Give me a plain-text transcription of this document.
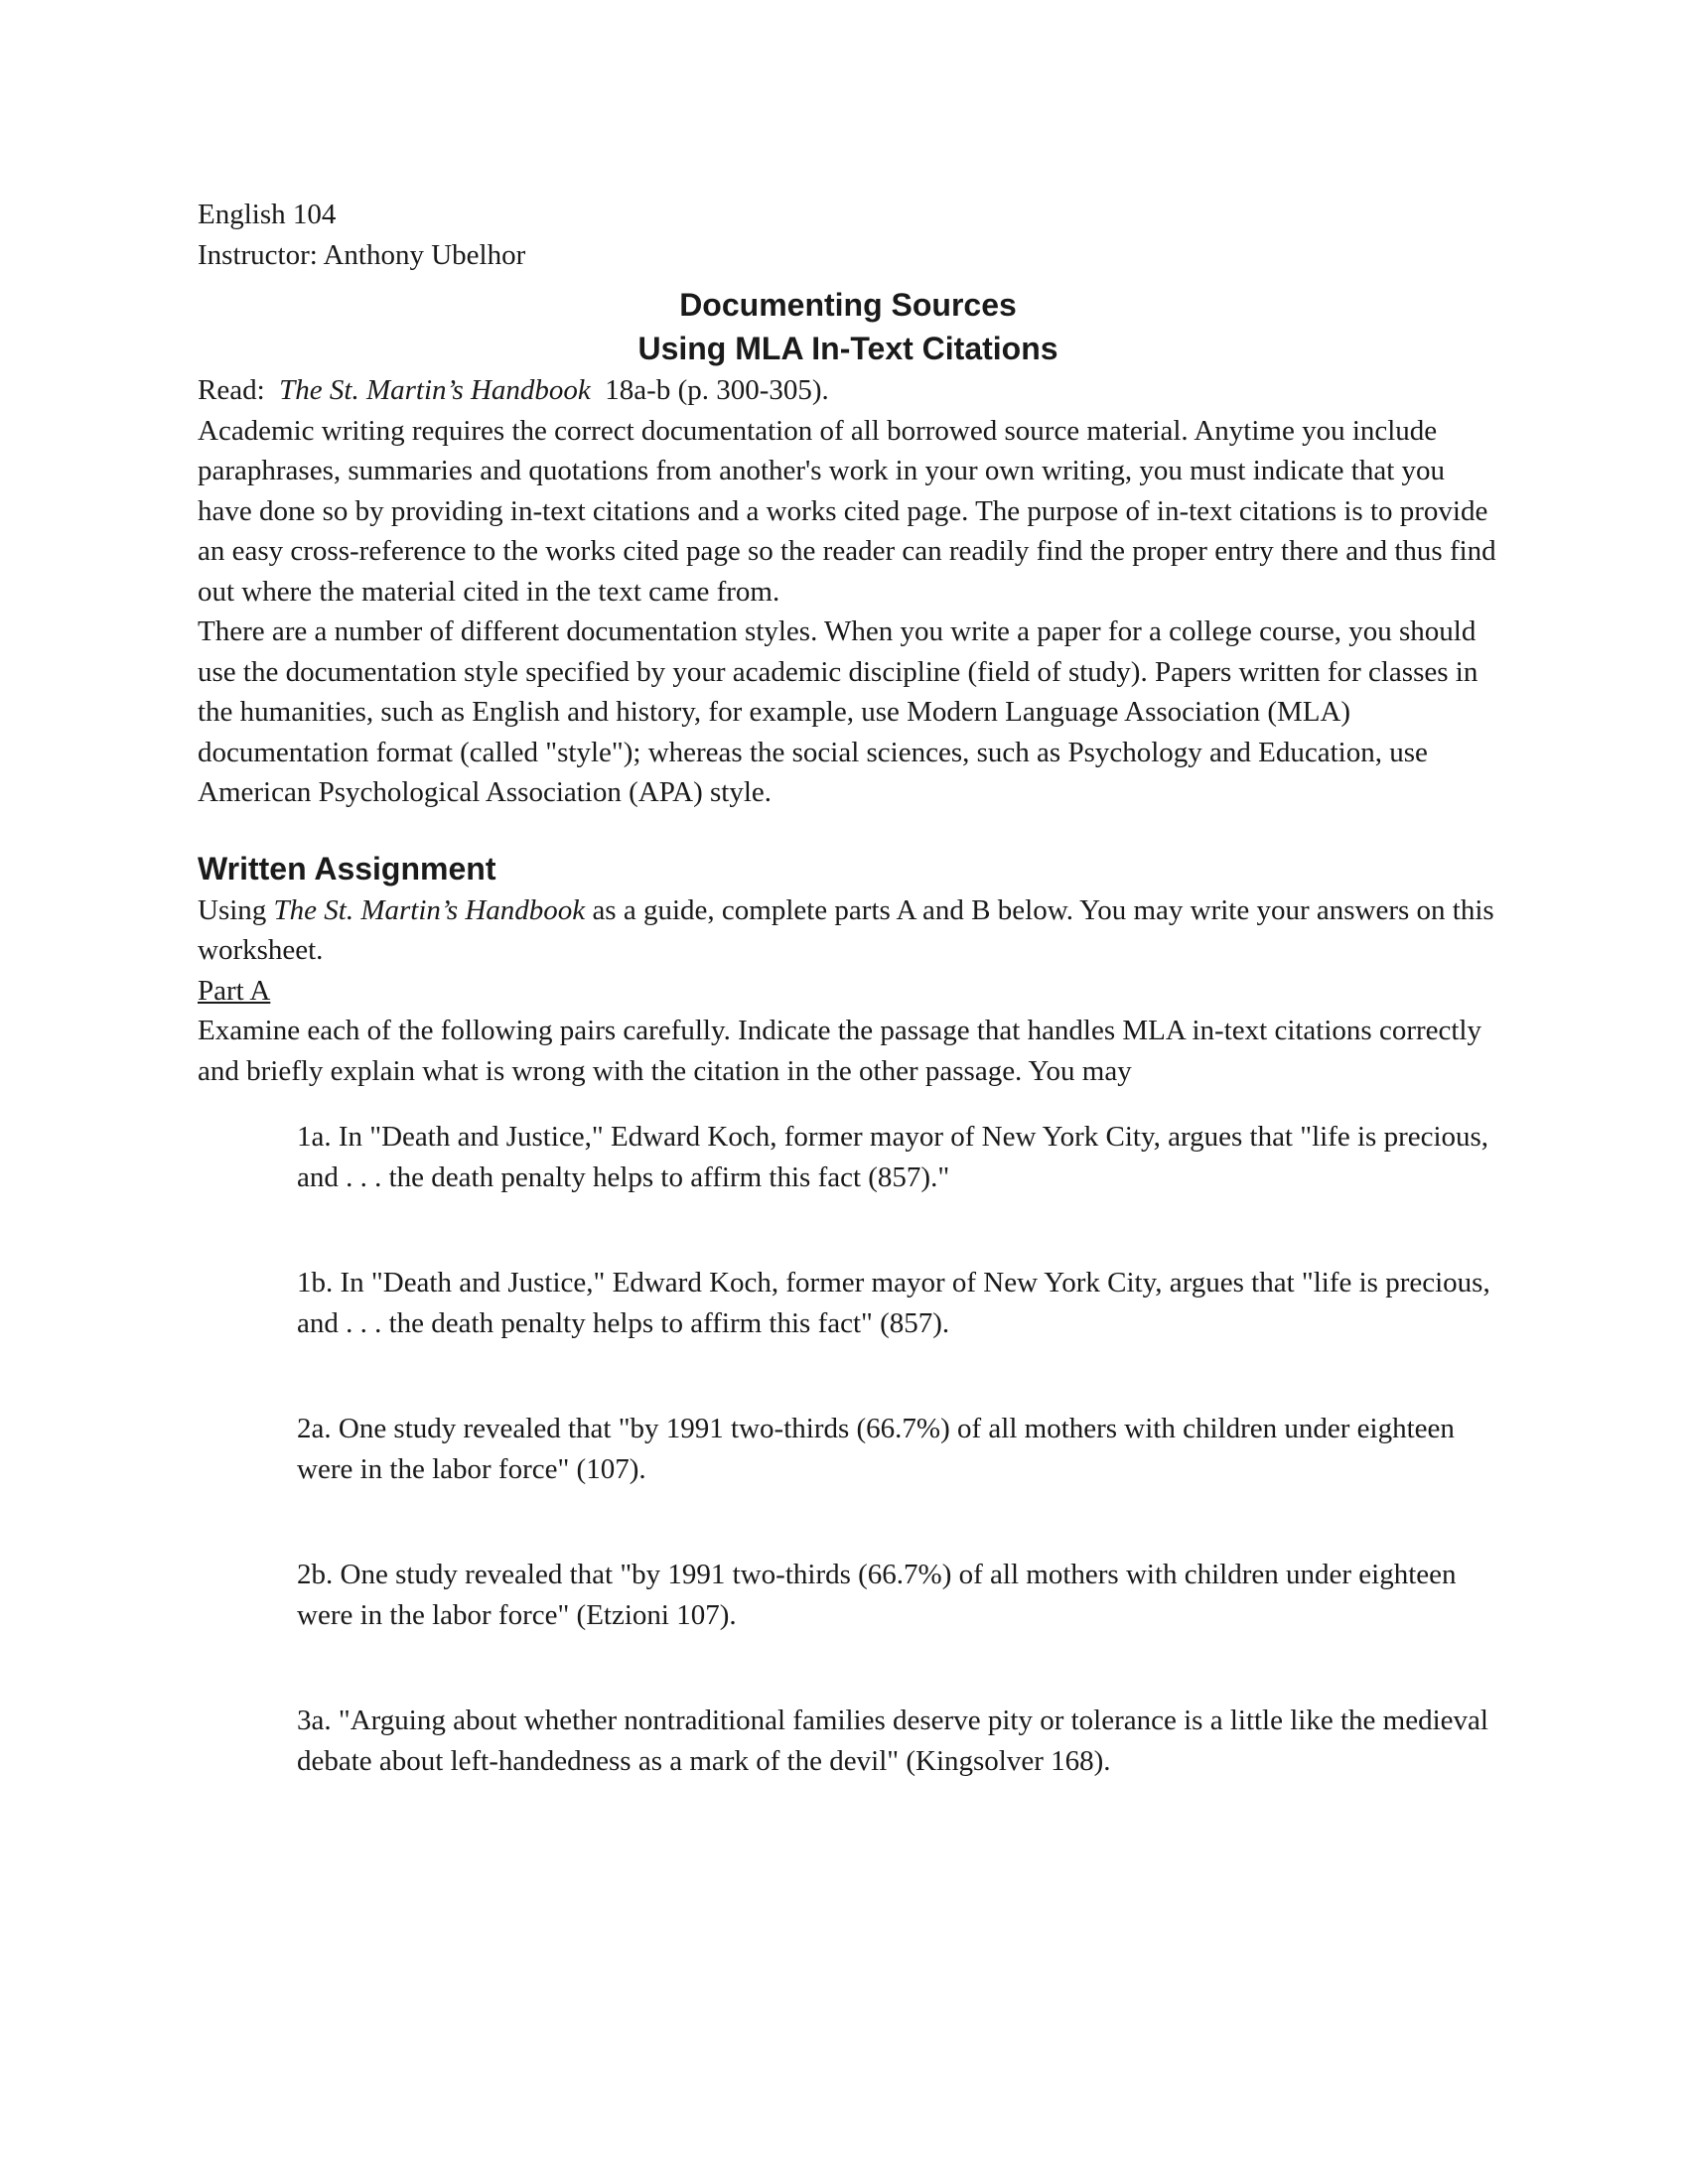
English 104
Instructor: Anthony Ubelhor
Documenting Sources
Using MLA In-Text Citations

Read: The St. Martin’s Handbook 18a-b (p. 300-305).

Academic writing requires the correct documentation of all borrowed source material. Anytime you include paraphrases, summaries and quotations from another's work in your own writing, you must indicate that you have done so by providing in-text citations and a works cited page. The purpose of in-text citations is to provide an easy cross-reference to the works cited page so the reader can readily find the proper entry there and thus find out where the material cited in the text came from.

There are a number of different documentation styles. When you write a paper for a college course, you should use the documentation style specified by your academic discipline (field of study). Papers written for classes in the humanities, such as English and history, for example, use Modern Language Association (MLA) documentation format (called "style"); whereas the social sciences, such as Psychology and Education, use American Psychological Association (APA) style.

Written Assignment

Using The St. Martin’s Handbook as a guide, complete parts A and B below. You may write your answers on this worksheet.

Part A

Examine each of the following pairs carefully. Indicate the passage that handles MLA in-text citations correctly and briefly explain what is wrong with the citation in the other passage. You may

1a. In "Death and Justice," Edward Koch, former mayor of New York City, argues that "life is precious, and . . . the death penalty helps to affirm this fact (857)."

1b. In "Death and Justice," Edward Koch, former mayor of New York City, argues that "life is precious, and . . . the death penalty helps to affirm this fact" (857).

2a. One study revealed that "by 1991 two-thirds (66.7%) of all mothers with children under eighteen were in the labor force" (107).

2b. One study revealed that "by 1991 two-thirds (66.7%) of all mothers with children under eighteen were in the labor force" (Etzioni 107).

3a. "Arguing about whether nontraditional families deserve pity or tolerance is a little like the medieval debate about left-handedness as a mark of the devil" (Kingsolver 168).
